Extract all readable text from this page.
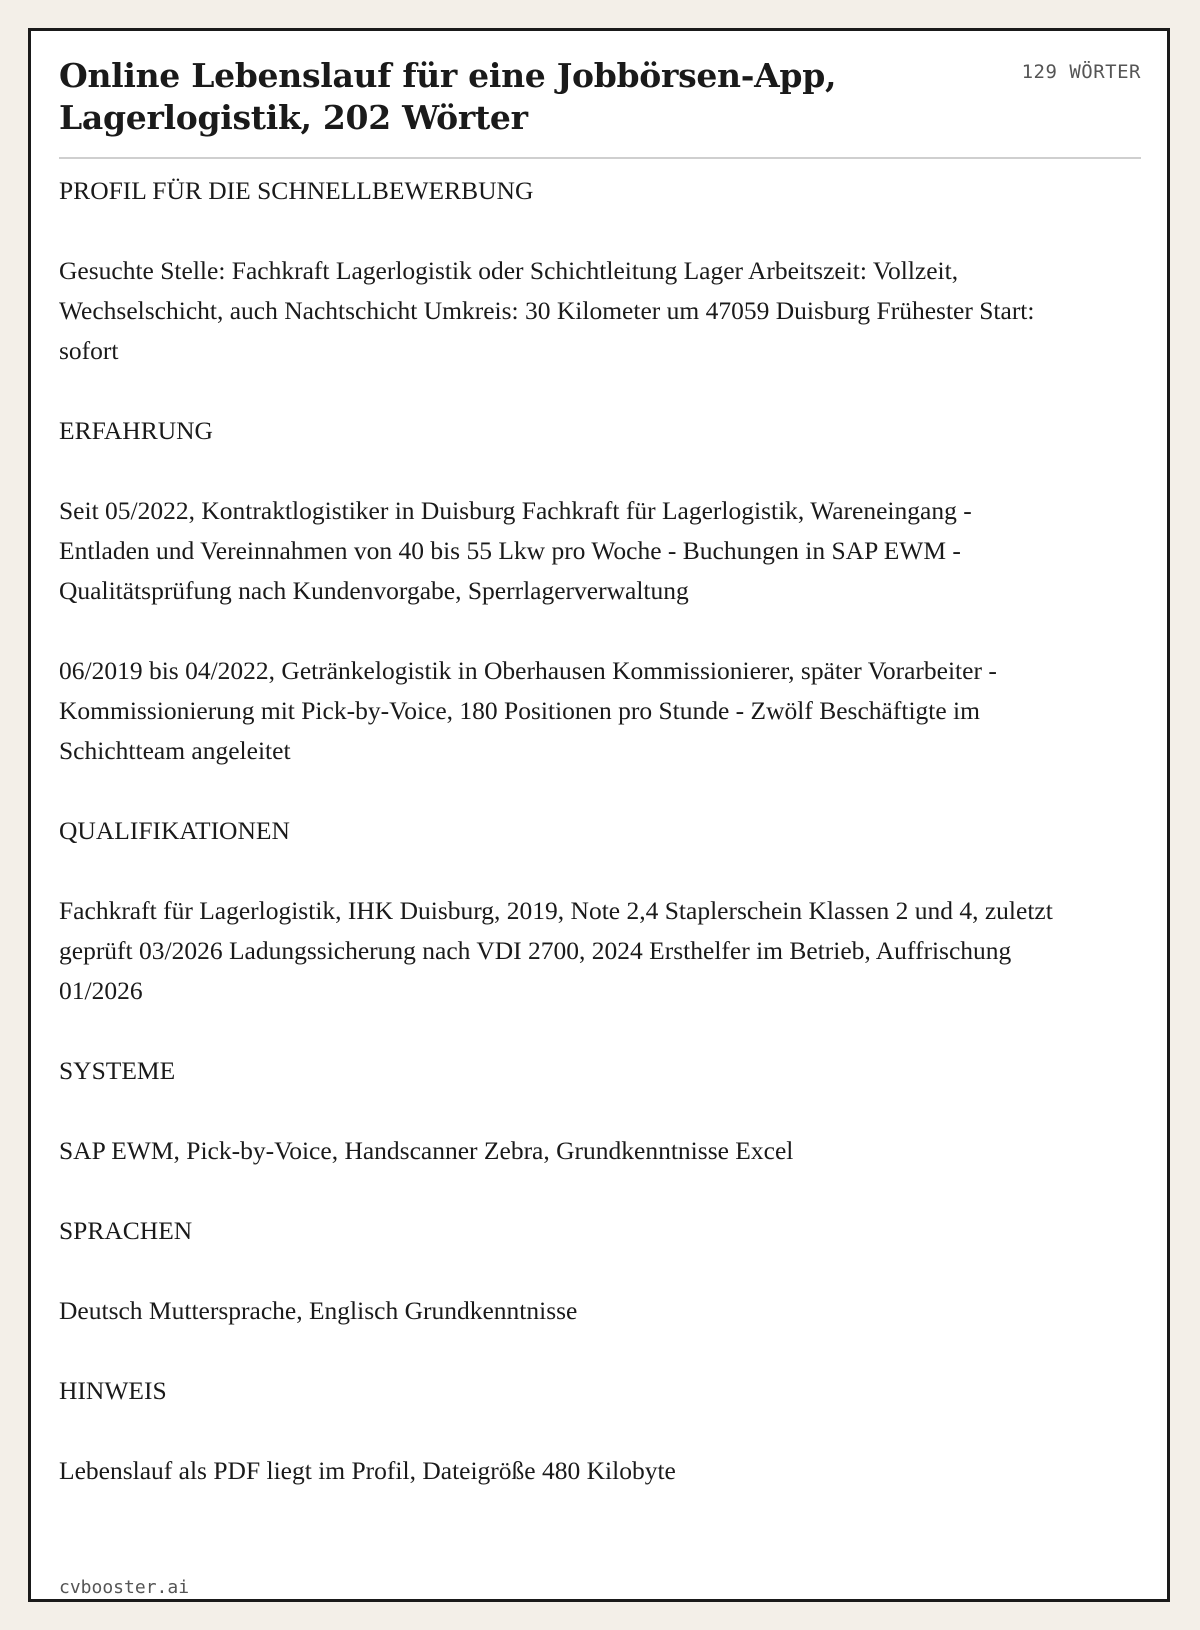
Online Lebenslauf für eine Jobbörsen-App, Lagerlogistik, 202 Wörter
129 WÖRTER

PROFIL FÜR DIE SCHNELLBEWERBUNG

Gesuchte Stelle: Fachkraft Lagerlogistik oder Schichtleitung Lager Arbeitszeit: Vollzeit, Wechselschicht, auch Nachtschicht Umkreis: 30 Kilometer um 47059 Duisburg Frühester Start: sofort

ERFAHRUNG

Seit 05/2022, Kontraktlogistiker in Duisburg Fachkraft für Lagerlogistik, Wareneingang - Entladen und Vereinnahmen von 40 bis 55 Lkw pro Woche - Buchungen in SAP EWM - Qualitätsprüfung nach Kundenvorgabe, Sperrlagerverwaltung

06/2019 bis 04/2022, Getränkelogistik in Oberhausen Kommissionierer, später Vorarbeiter - Kommissionierung mit Pick-by-Voice, 180 Positionen pro Stunde - Zwölf Beschäftigte im Schichtteam angeleitet

QUALIFIKATIONEN

Fachkraft für Lagerlogistik, IHK Duisburg, 2019, Note 2,4 Staplerschein Klassen 2 und 4, zuletzt geprüft 03/2026 Ladungssicherung nach VDI 2700, 2024 Ersthelfer im Betrieb, Auffrischung 01/2026

SYSTEME

SAP EWM, Pick-by-Voice, Handscanner Zebra, Grundkenntnisse Excel

SPRACHEN

Deutsch Muttersprache, Englisch Grundkenntnisse

HINWEIS

Lebenslauf als PDF liegt im Profil, Dateigröße 480 Kilobyte

cvbooster.ai
